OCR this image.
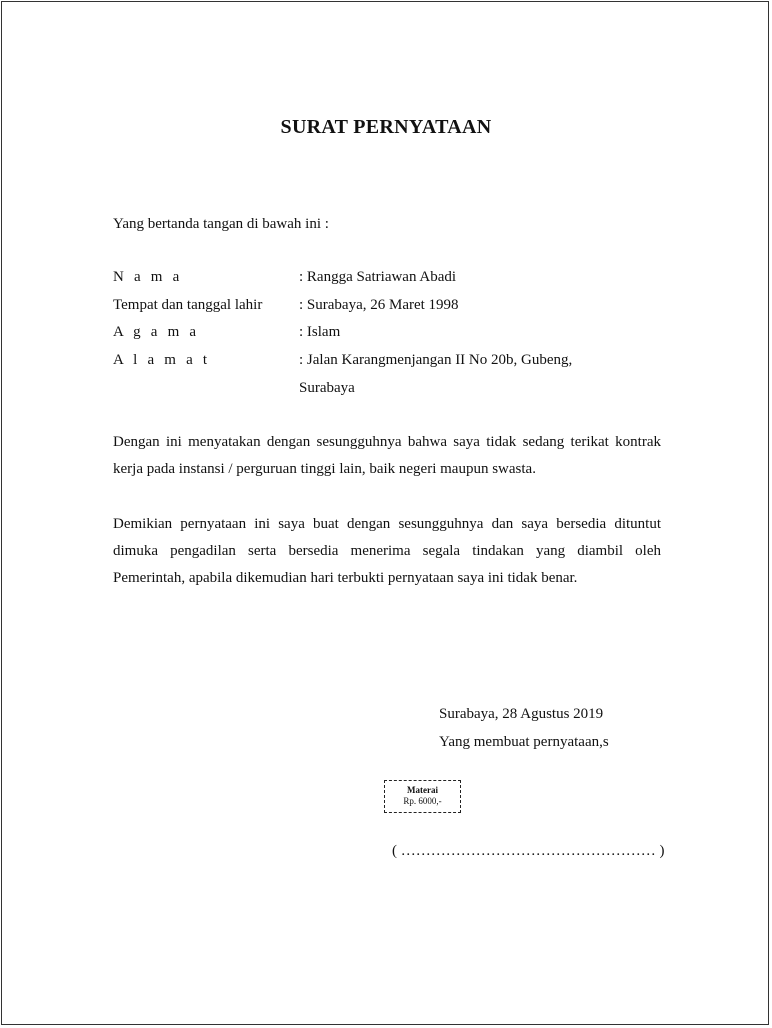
SURAT PERNYATAAN
Yang bertanda tangan di bawah ini :
N a m a	: Rangga Satriawan Abadi
Tempat dan tanggal lahir : Surabaya, 26 Maret 1998
A g a m a	: Islam
A l a m a t	: Jalan Karangmenjangan II No 20b, Gubeng,
Surabaya
Dengan ini menyatakan dengan sesungguhnya bahwa saya tidak sedang terikat kontrak kerja pada instansi / perguruan tinggi lain, baik negeri maupun swasta.
Demikian pernyataan ini saya buat dengan sesungguhnya dan saya bersedia dituntut dimuka pengadilan serta bersedia menerima segala tindakan yang diambil oleh Pemerintah, apabila dikemudian hari terbukti pernyataan saya ini tidak benar.
Surabaya, 28 Agustus 2019
Yang membuat pernyataan,s
Materai
Rp. 6000,-
( …………………………………………… )
